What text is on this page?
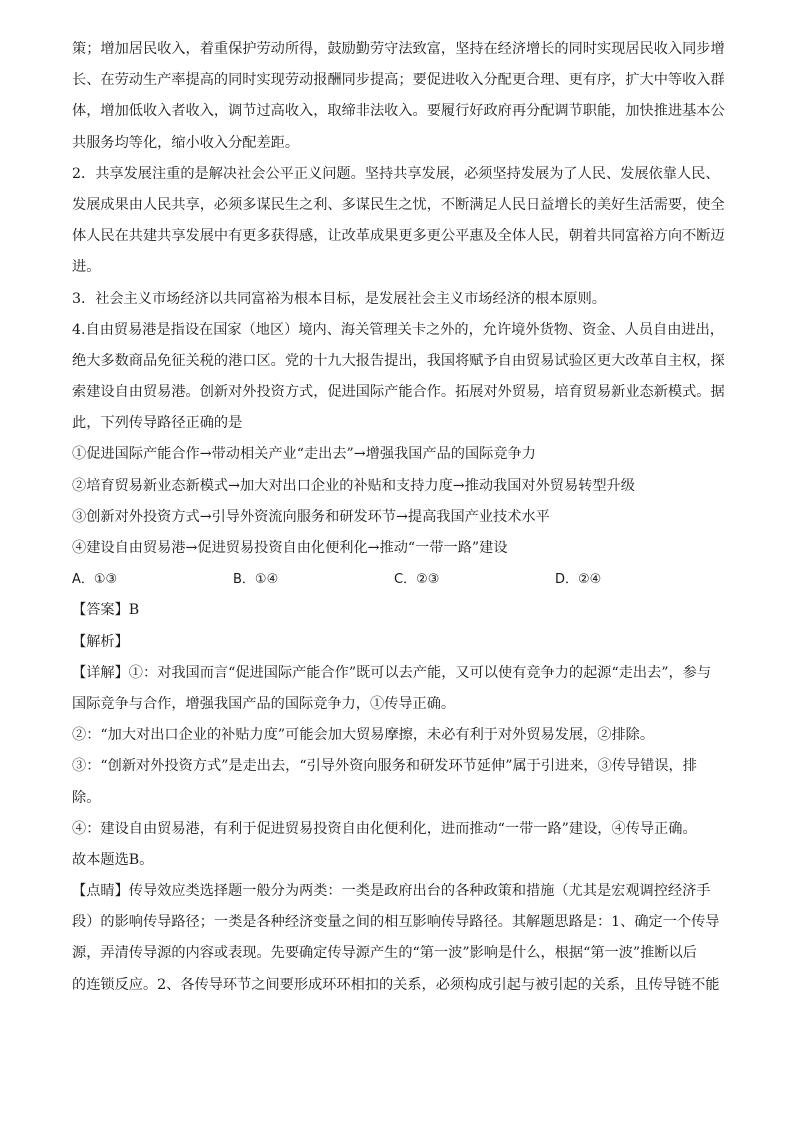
策；增加居民收入，着重保护劳动所得，鼓励勤劳守法致富，坚持在经济增长的同时实现居民收入同步增
长、在劳动生产率提高的同时实现劳动报酬同步提高；要促进收入分配更合理、更有序，扩大中等收入群
体，增加低收入者收入，调节过高收入，取缔非法收入。要履行好政府再分配调节职能，加快推进基本公
共服务均等化，缩小收入分配差距。
2．共享发展注重的是解决社会公平正义问题。坚持共享发展，必须坚持发展为了人民、发展依靠人民、
发展成果由人民共享，必须多谋民生之利、多谋民生之忧，不断满足人民日益增长的美好生活需要，使全
体人民在共建共享发展中有更多获得感，让改革成果更多更公平惠及全体人民，朝着共同富裕方向不断迈
进。
3．社会主义市场经济以共同富裕为根本目标，是发展社会主义市场经济的根本原则。
4.自由贸易港是指设在国家（地区）境内、海关管理关卡之外的，允许境外货物、资金、人员自由进出，
绝大多数商品免征关税的港口区。党的十九大报告提出，我国将赋予自由贸易试验区更大改革自主权，探
索建设自由贸易港。创新对外投资方式，促进国际产能合作。拓展对外贸易，培育贸易新业态新模式。据
此，下列传导路径正确的是
①促进国际产能合作→带动相关产业“走出去”→增强我国产品的国际竞争力
②培育贸易新业态新模式→加大对出口企业的补贴和支持力度→推动我国对外贸易转型升级
③创新对外投资方式→引导外资流向服务和研发环节→提高我国产业技术水平
④建设自由贸易港→促进贸易投资自由化便利化→推动“一带一路”建设
A．①③	B．①④	C．②③	D．②④
【答案】B
【解析】
【详解】①：对我国而言“促进国际产能合作”既可以去产能，又可以使有竞争力的起源“走出去”，参与
国际竞争与合作，增强我国产品的国际竞争力，①传导正确。
②：“加大对出口企业的补贴力度”可能会加大贸易摩擦，未必有利于对外贸易发展，②排除。
③：“创新对外投资方式”是走出去，“引导外资向服务和研发环节延伸”属于引进来，③传导错误，排
除。
④：建设自由贸易港，有利于促进贸易投资自由化便利化，进而推动“一带一路”建设，④传导正确。
故本题选B。
【点睛】传导效应类选择题一般分为两类：一类是政府出台的各种政策和措施（尤其是宏观调控经济手
段）的影响传导路径；一类是各种经济变量之间的相互影响传导路径。其解题思路是：1、确定一个传导
源，弄清传导源的内容或表现。先要确定传导源产生的“第一波”影响是什么，根据“第一波”推断以后
的连锁反应。2、各传导环节之间要形成环环相扣的关系，必须构成引起与被引起的关系，且传导链不能
